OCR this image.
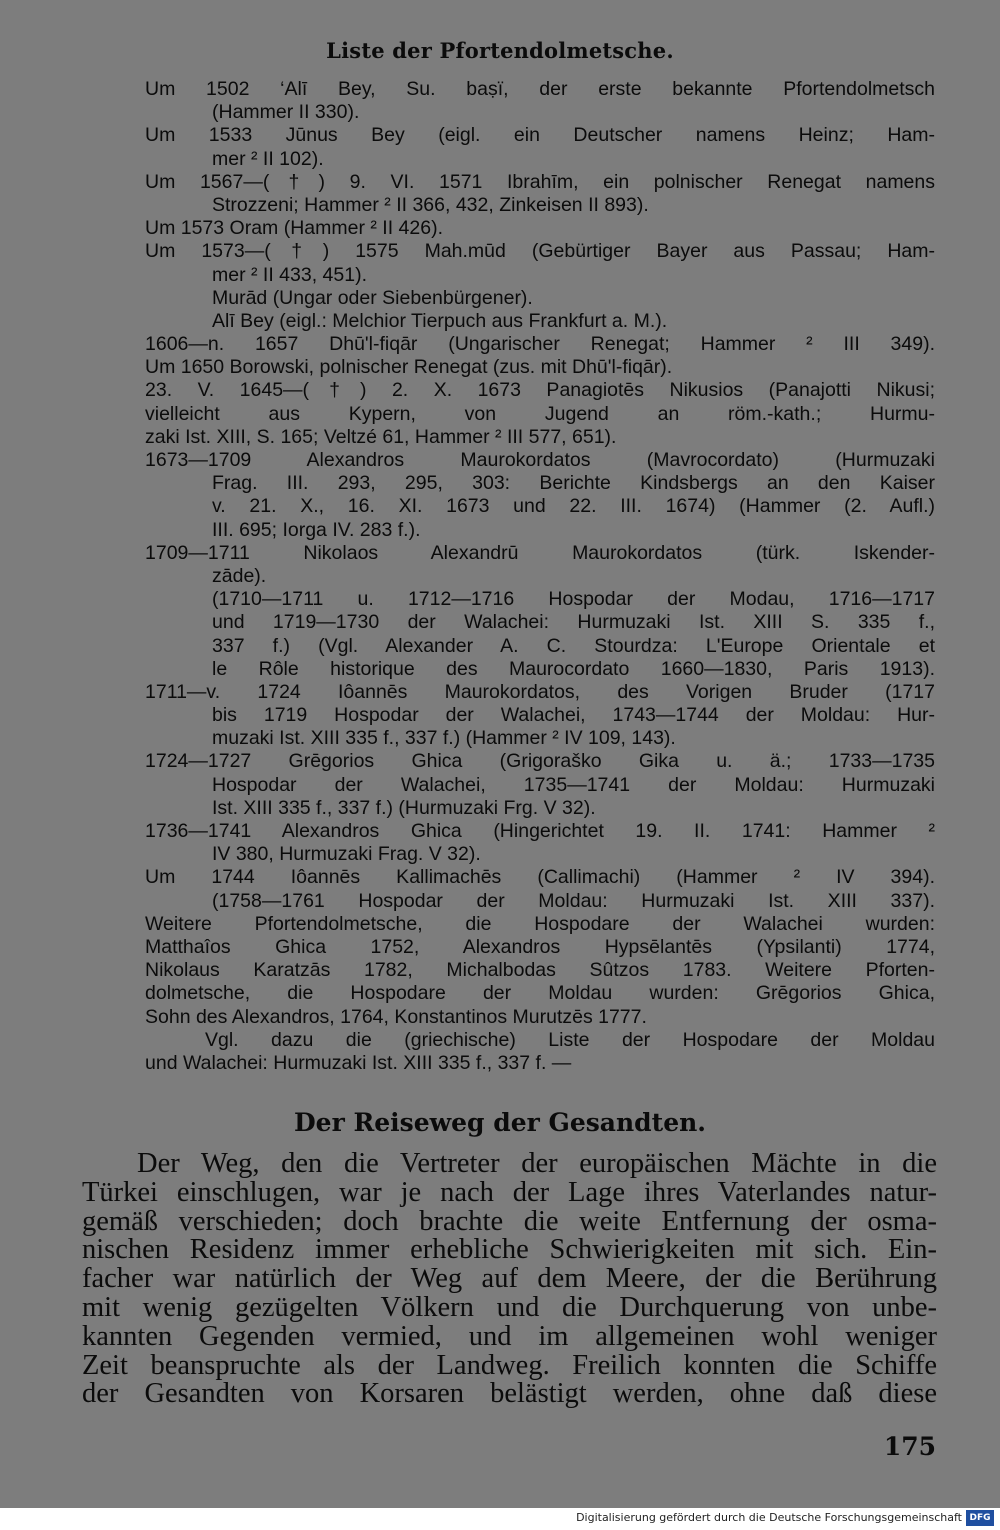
Liste der Pfortendolmetsche.
Um 1502 ‘Alī Bey, Su. baṣï, der erste bekannte Pfortendolmetsch
(Hammer II 330).
Um 1533 Jūnus Bey (eigl. ein Deutscher namens Heinz; Ham-
mer ² II 102).
Um 1567—(†) 9. VI. 1571 Ibrahīm, ein polnischer Renegat namens
Strozzeni; Hammer ² II 366, 432, Zinkeisen II 893).
Um 1573 Oram (Hammer ² II 426).
Um 1573—(†) 1575 Mah.mūd (Gebürtiger Bayer aus Passau; Ham-
mer ² II 433, 451).
Murād (Ungar oder Siebenbürgener).
Alī Bey (eigl.: Melchior Tierpuch aus Frankfurt a. M.).
1606—n. 1657 Dhū'l-fiqār (Ungarischer Renegat; Hammer ² III 349).
Um 1650 Borowski, polnischer Renegat (zus. mit Dhū'l-fiqār).
23. V. 1645—(†) 2. X. 1673 Panagiotēs Nikusios (Panajotti Nikusi;
vielleicht aus Kypern, von Jugend an röm.-kath.; Hurmu-
zaki Ist. XIII, S. 165; Veltzé 61, Hammer ² III 577, 651).
1673—1709 Alexandros Maurokordatos (Mavrocordato) (Hurmuzaki
Frag. III. 293, 295, 303: Berichte Kindsbergs an den Kaiser
v. 21. X., 16. XI. 1673 und 22. III. 1674) (Hammer (2. Aufl.)
III. 695; Iorga IV. 283 f.).
1709—1711 Nikolaos Alexandrū Maurokordatos (türk. Iskender-
zāde).
(1710—1711 u. 1712—1716 Hospodar der Modau, 1716—1717
und 1719—1730 der Walachei: Hurmuzaki Ist. XIII S. 335 f.,
337 f.) (Vgl. Alexander A. C. Stourdza: L'Europe Orientale et
le Rôle historique des Maurocordato 1660—1830, Paris 1913).
1711—v. 1724 Iôannēs Maurokordatos, des Vorigen Bruder (1717
bis 1719 Hospodar der Walachei, 1743—1744 der Moldau: Hur-
muzaki Ist. XIII 335 f., 337 f.) (Hammer ² IV 109, 143).
1724—1727 Grēgorios Ghica (Grigoraško Gika u. ä.; 1733—1735
Hospodar der Walachei, 1735—1741 der Moldau: Hurmuzaki
Ist. XIII 335 f., 337 f.) (Hurmuzaki Frg. V 32).
1736—1741 Alexandros Ghica (Hingerichtet 19. II. 1741: Hammer ²
IV 380, Hurmuzaki Frag. V 32).
Um 1744 Iôannēs Kallimachēs (Callimachi) (Hammer ² IV 394).
(1758—1761 Hospodar der Moldau: Hurmuzaki Ist. XIII 337).
Weitere Pfortendolmetsche, die Hospodare der Walachei wurden:
Matthaîos Ghica 1752, Alexandros Hypsēlantēs (Ypsilanti) 1774,
Nikolaus Karatzās 1782, Michalbodas Sûtzos 1783. Weitere Pforten-
dolmetsche, die Hospodare der Moldau wurden: Grēgorios Ghica,
Sohn des Alexandros, 1764, Konstantinos Murutzēs 1777.
Vgl. dazu die (griechische) Liste der Hospodare der Moldau
und Walachei: Hurmuzaki Ist. XIII 335 f., 337 f. —
Der Reiseweg der Gesandten.
Der Weg, den die Vertreter der europäischen Mächte in die
Türkei einschlugen, war je nach der Lage ihres Vaterlandes natur-
gemäß verschieden; doch brachte die weite Entfernung der osma-
nischen Residenz immer erhebliche Schwierigkeiten mit sich. Ein-
facher war natürlich der Weg auf dem Meere, der die Berührung
mit wenig gezügelten Völkern und die Durchquerung von unbe-
kannten Gegenden vermied, und im allgemeinen wohl weniger
Zeit beanspruchte als der Landweg. Freilich konnten die Schiffe
der Gesandten von Korsaren belästigt werden, ohne daß diese
175
Digitalisierung gefördert durch die Deutsche Forschungsgemeinschaft DFG
